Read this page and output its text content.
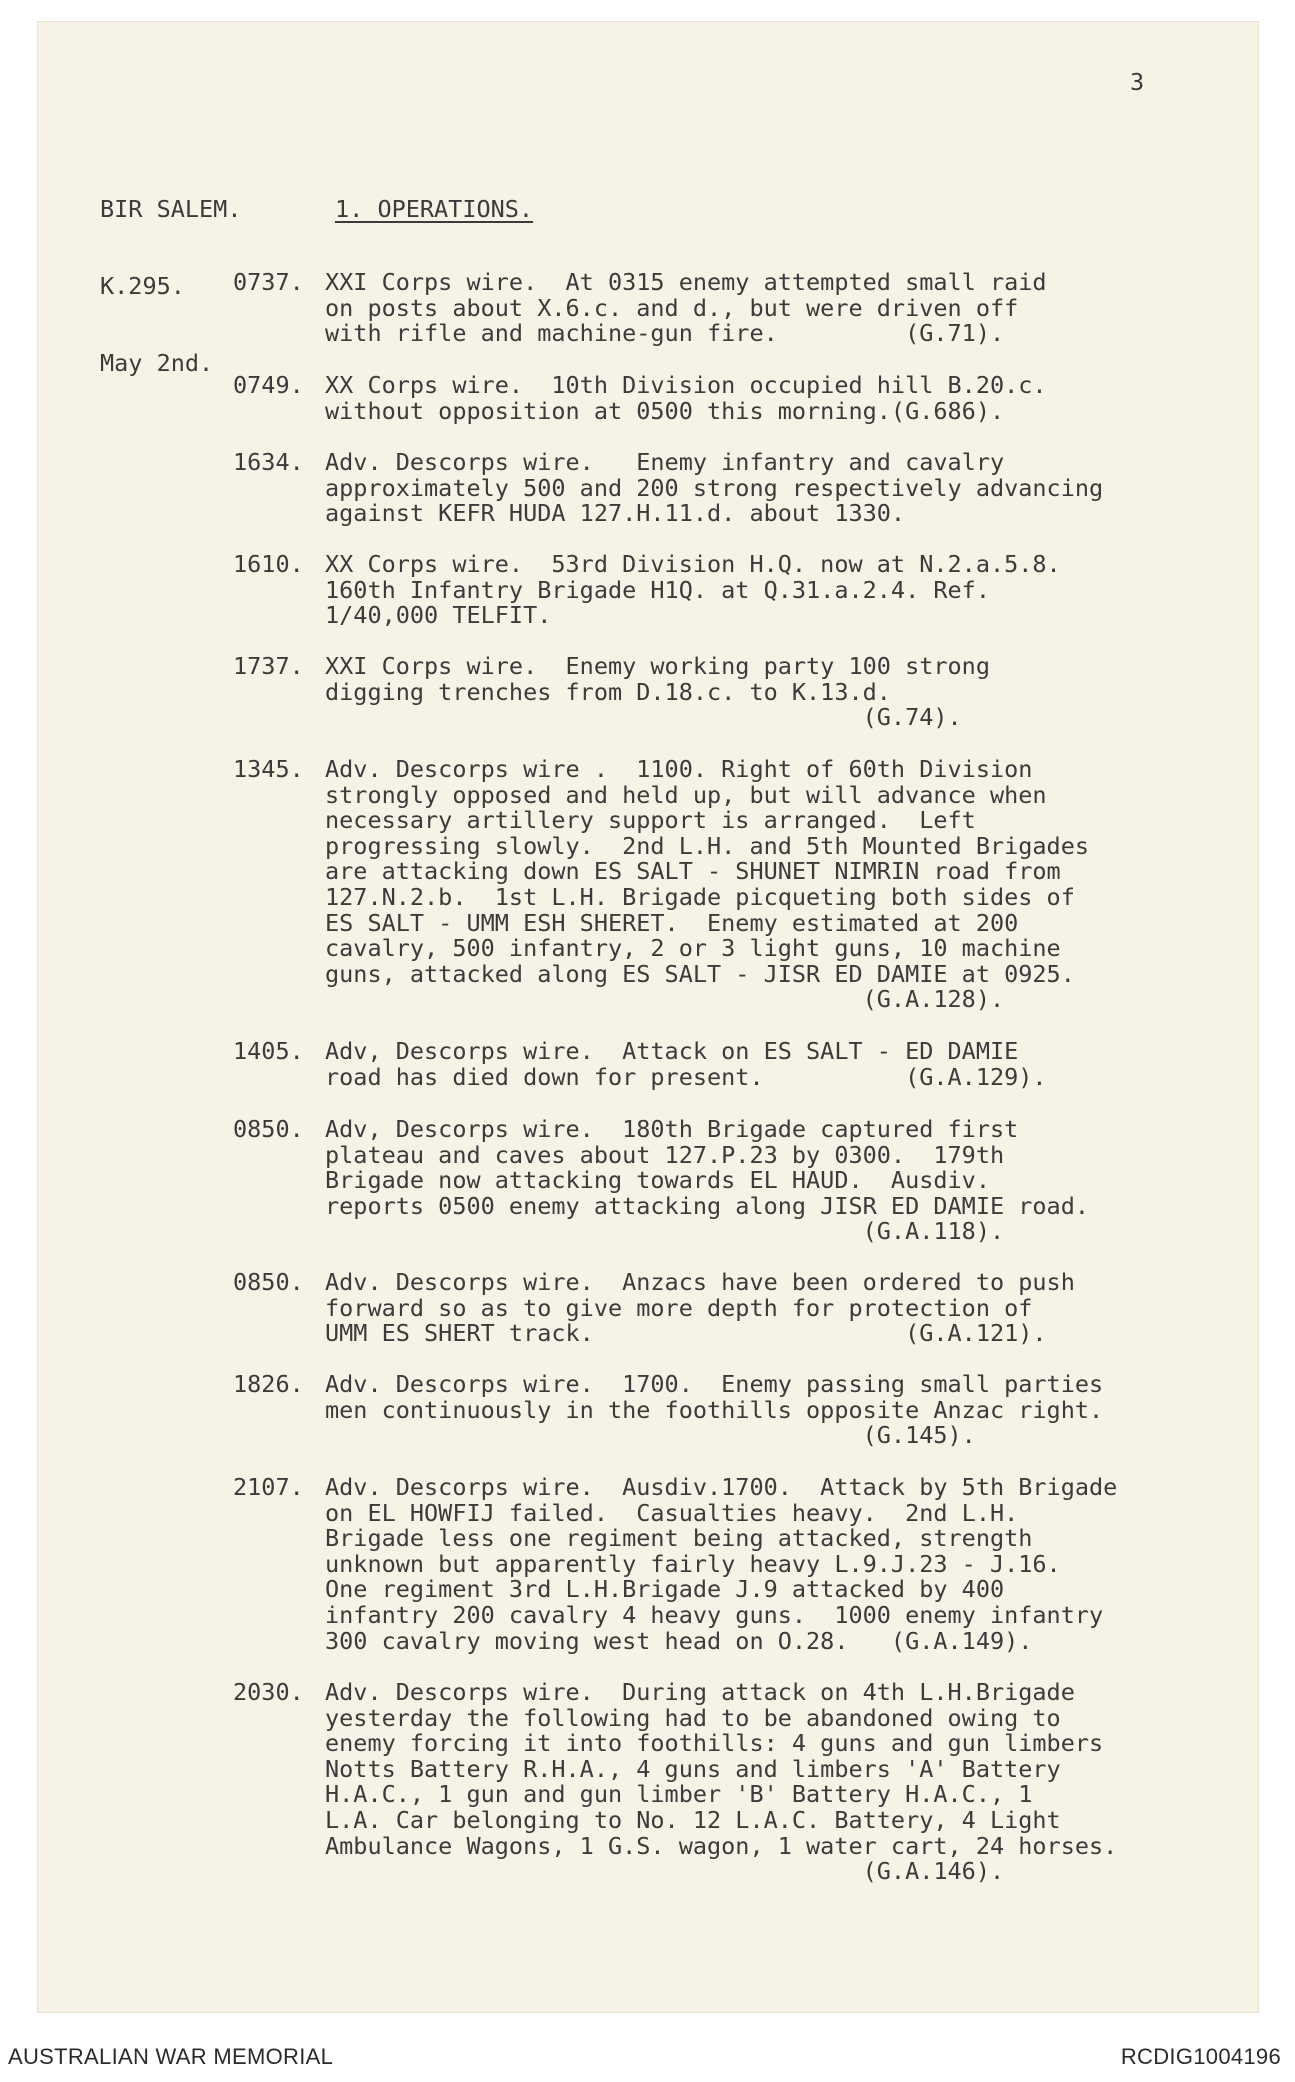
3

BIR SALEM.

K.295.

May 2nd.

1. OPERATIONS.
0737. XXI Corps wire.  At 0315 enemy attempted small raid
on posts about X.6.c. and d., but were driven off
with rifle and machine-gun fire.         (G.71).
0749. XX Corps wire.  10th Division occupied hill B.20.c.
without opposition at 0500 this morning.(G.686).
1634. Adv. Descorps wire.   Enemy infantry and cavalry
approximately 500 and 200 strong respectively advancing
against KEFR HUDA 127.H.11.d. about 1330.
1610. XX Corps wire.  53rd Division H.Q. now at N.2.a.5.8.
160th Infantry Brigade H1Q. at Q.31.a.2.4. Ref.
1/40,000 TELFIT.
1737. XXI Corps wire.  Enemy working party 100 strong
digging trenches from D.18.c. to K.13.d.
(G.74).
1345. Adv. Descorps wire .  1100. Right of 60th Division
strongly opposed and held up, but will advance when
necessary artillery support is arranged.  Left
progressing slowly.  2nd L.H. and 5th Mounted Brigades
are attacking down ES SALT - SHUNET NIMRIN road from
127.N.2.b.  1st L.H. Brigade picqueting both sides of
ES SALT - UMM ESH SHERET.  Enemy estimated at 200
cavalry, 500 infantry, 2 or 3 light guns, 10 machine
guns, attacked along ES SALT - JISR ED DAMIE at 0925.
(G.A.128).
1405. Adv, Descorps wire.  Attack on ES SALT - ED DAMIE
road has died down for present.          (G.A.129).
0850. Adv, Descorps wire.  180th Brigade captured first
plateau and caves about 127.P.23 by 0300.  179th
Brigade now attacking towards EL HAUD.  Ausdiv.
reports 0500 enemy attacking along JISR ED DAMIE road.
(G.A.118).
0850. Adv. Descorps wire.  Anzacs have been ordered to push
forward so as to give more depth for protection of
UMM ES SHERT track.                      (G.A.121).
1826. Adv. Descorps wire.  1700.  Enemy passing small parties
men continuously in the foothills opposite Anzac right.
(G.145).
2107. Adv. Descorps wire.  Ausdiv.1700.  Attack by 5th Brigade
on EL HOWFIJ failed.  Casualties heavy.  2nd L.H.
Brigade less one regiment being attacked, strength
unknown but apparently fairly heavy L.9.J.23 - J.16.
One regiment 3rd L.H.Brigade J.9 attacked by 400
infantry 200 cavalry 4 heavy guns.  1000 enemy infantry
300 cavalry moving west head on O.28.   (G.A.149).
2030. Adv. Descorps wire.  During attack on 4th L.H.Brigade
yesterday the following had to be abandoned owing to
enemy forcing it into foothills: 4 guns and gun limbers
Notts Battery R.H.A., 4 guns and limbers 'A' Battery
H.A.C., 1 gun and gun limber 'B' Battery H.A.C., 1
L.A. Car belonging to No. 12 L.A.C. Battery, 4 Light
Ambulance Wagons, 1 G.S. wagon, 1 water cart, 24 horses.
(G.A.146).
AUSTRALIAN WAR MEMORIAL	RCDIG1004196
